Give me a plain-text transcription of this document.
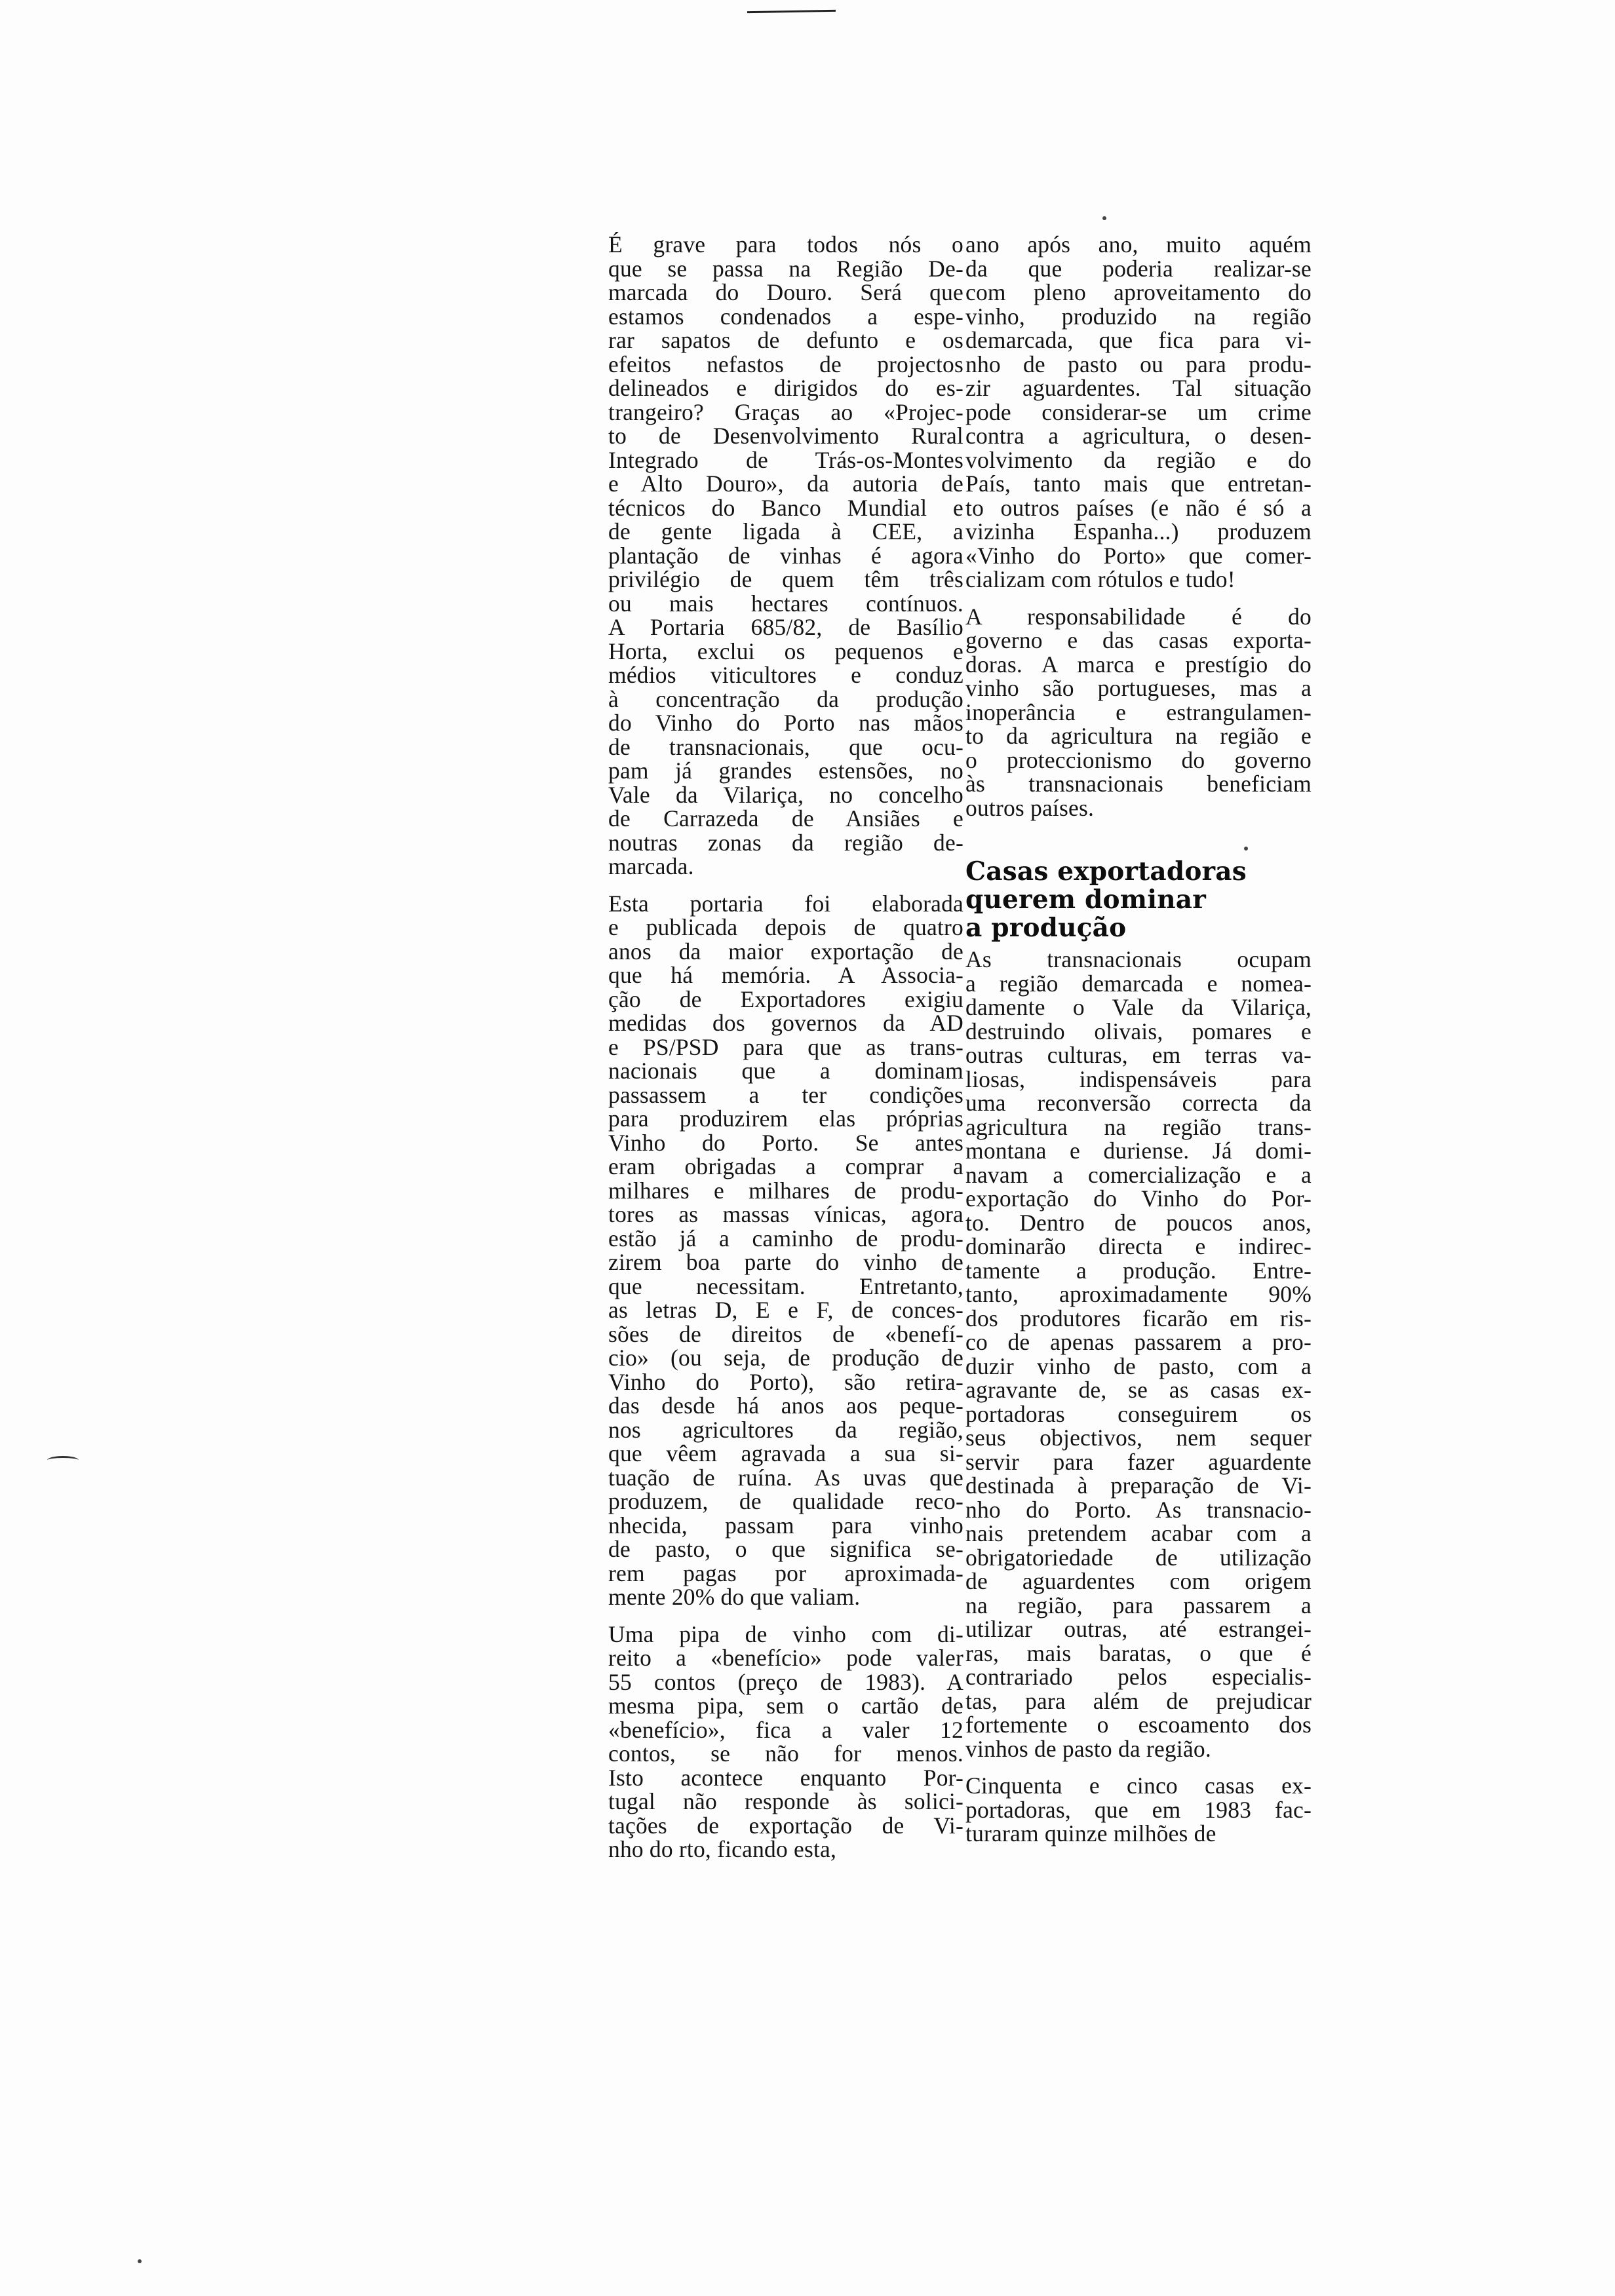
É grave para todos nós o
que se passa na Região De-
marcada do Douro. Será que
estamos condenados a espe-
rar sapatos de defunto e os
efeitos nefastos de projectos
delineados e dirigidos do es-
trangeiro? Graças ao «Projec-
to de Desenvolvimento Rural
Integrado de Trás-os-Montes
e Alto Douro», da autoria de
técnicos do Banco Mundial e
de gente ligada à CEE, a
plantação de vinhas é agora
privilégio de quem têm três
ou mais hectares contínuos.
A Portaria 685/82, de Basílio
Horta, exclui os pequenos e
médios viticultores e conduz
à concentração da produção
do Vinho do Porto nas mãos
de transnacionais, que ocu-
pam já grandes estensões, no
Vale da Vilariça, no concelho
de Carrazeda de Ansiães e
noutras zonas da região de-
marcada.
Esta portaria foi elaborada
e publicada depois de quatro
anos da maior exportação de
que há memória. A Associa-
ção de Exportadores exigiu
medidas dos governos da AD
e PS/PSD para que as trans-
nacionais que a dominam
passassem a ter condições
para produzirem elas próprias
Vinho do Porto. Se antes
eram obrigadas a comprar a
milhares e milhares de produ-
tores as massas vínicas, agora
estão já a caminho de produ-
zirem boa parte do vinho de
que necessitam. Entretanto,
as letras D, E e F, de conces-
sões de direitos de «benefí-
cio» (ou seja, de produção de
Vinho do Porto), são retira-
das desde há anos aos peque-
nos agricultores da região,
que vêem agravada a sua si-
tuação de ruína. As uvas que
produzem, de qualidade reco-
nhecida, passam para vinho
de pasto, o que significa se-
rem pagas por aproximada-
mente 20% do que valiam.
Uma pipa de vinho com di-
reito a «benefício» pode valer
55 contos (preço de 1983). A
mesma pipa, sem o cartão de
«benefício», fica a valer 12
contos, se não for menos.
Isto acontece enquanto Por-
tugal não responde às solici-
tações de exportação de Vi-
nho do rto, ficando esta,
ano após ano, muito aquém
da que poderia realizar-se
com pleno aproveitamento do
vinho, produzido na região
demarcada, que fica para vi-
nho de pasto ou para produ-
zir aguardentes. Tal situação
pode considerar-se um crime
contra a agricultura, o desen-
volvimento da região e do
País, tanto mais que entretan-
to outros países (e não é só a
vizinha Espanha...) produzem
«Vinho do Porto» que comer-
cializam com rótulos e tudo!
A responsabilidade é do
governo e das casas exporta-
doras. A marca e prestígio do
vinho são portugueses, mas a
inoperância e estrangulamen-
to da agricultura na região e
o proteccionismo do governo
às transnacionais beneficiam
outros países.
Casas exportadoras
querem dominar
a produção
As transnacionais ocupam
a região demarcada e nomea-
damente o Vale da Vilariça,
destruindo olivais, pomares e
outras culturas, em terras va-
liosas, indispensáveis para
uma reconversão correcta da
agricultura na região trans-
montana e duriense. Já domi-
navam a comercialização e a
exportação do Vinho do Por-
to. Dentro de poucos anos,
dominarão directa e indirec-
tamente a produção. Entre-
tanto, aproximadamente 90%
dos produtores ficarão em ris-
co de apenas passarem a pro-
duzir vinho de pasto, com a
agravante de, se as casas ex-
portadoras conseguirem os
seus objectivos, nem sequer
servir para fazer aguardente
destinada à preparação de Vi-
nho do Porto. As transnacio-
nais pretendem acabar com a
obrigatoriedade de utilização
de aguardentes com origem
na região, para passarem a
utilizar outras, até estrangei-
ras, mais baratas, o que é
contrariado pelos especialis-
tas, para além de prejudicar
fortemente o escoamento dos
vinhos de pasto da região.
Cinquenta e cinco casas ex-
portadoras, que em 1983 fac-
turaram quinze milhões de
